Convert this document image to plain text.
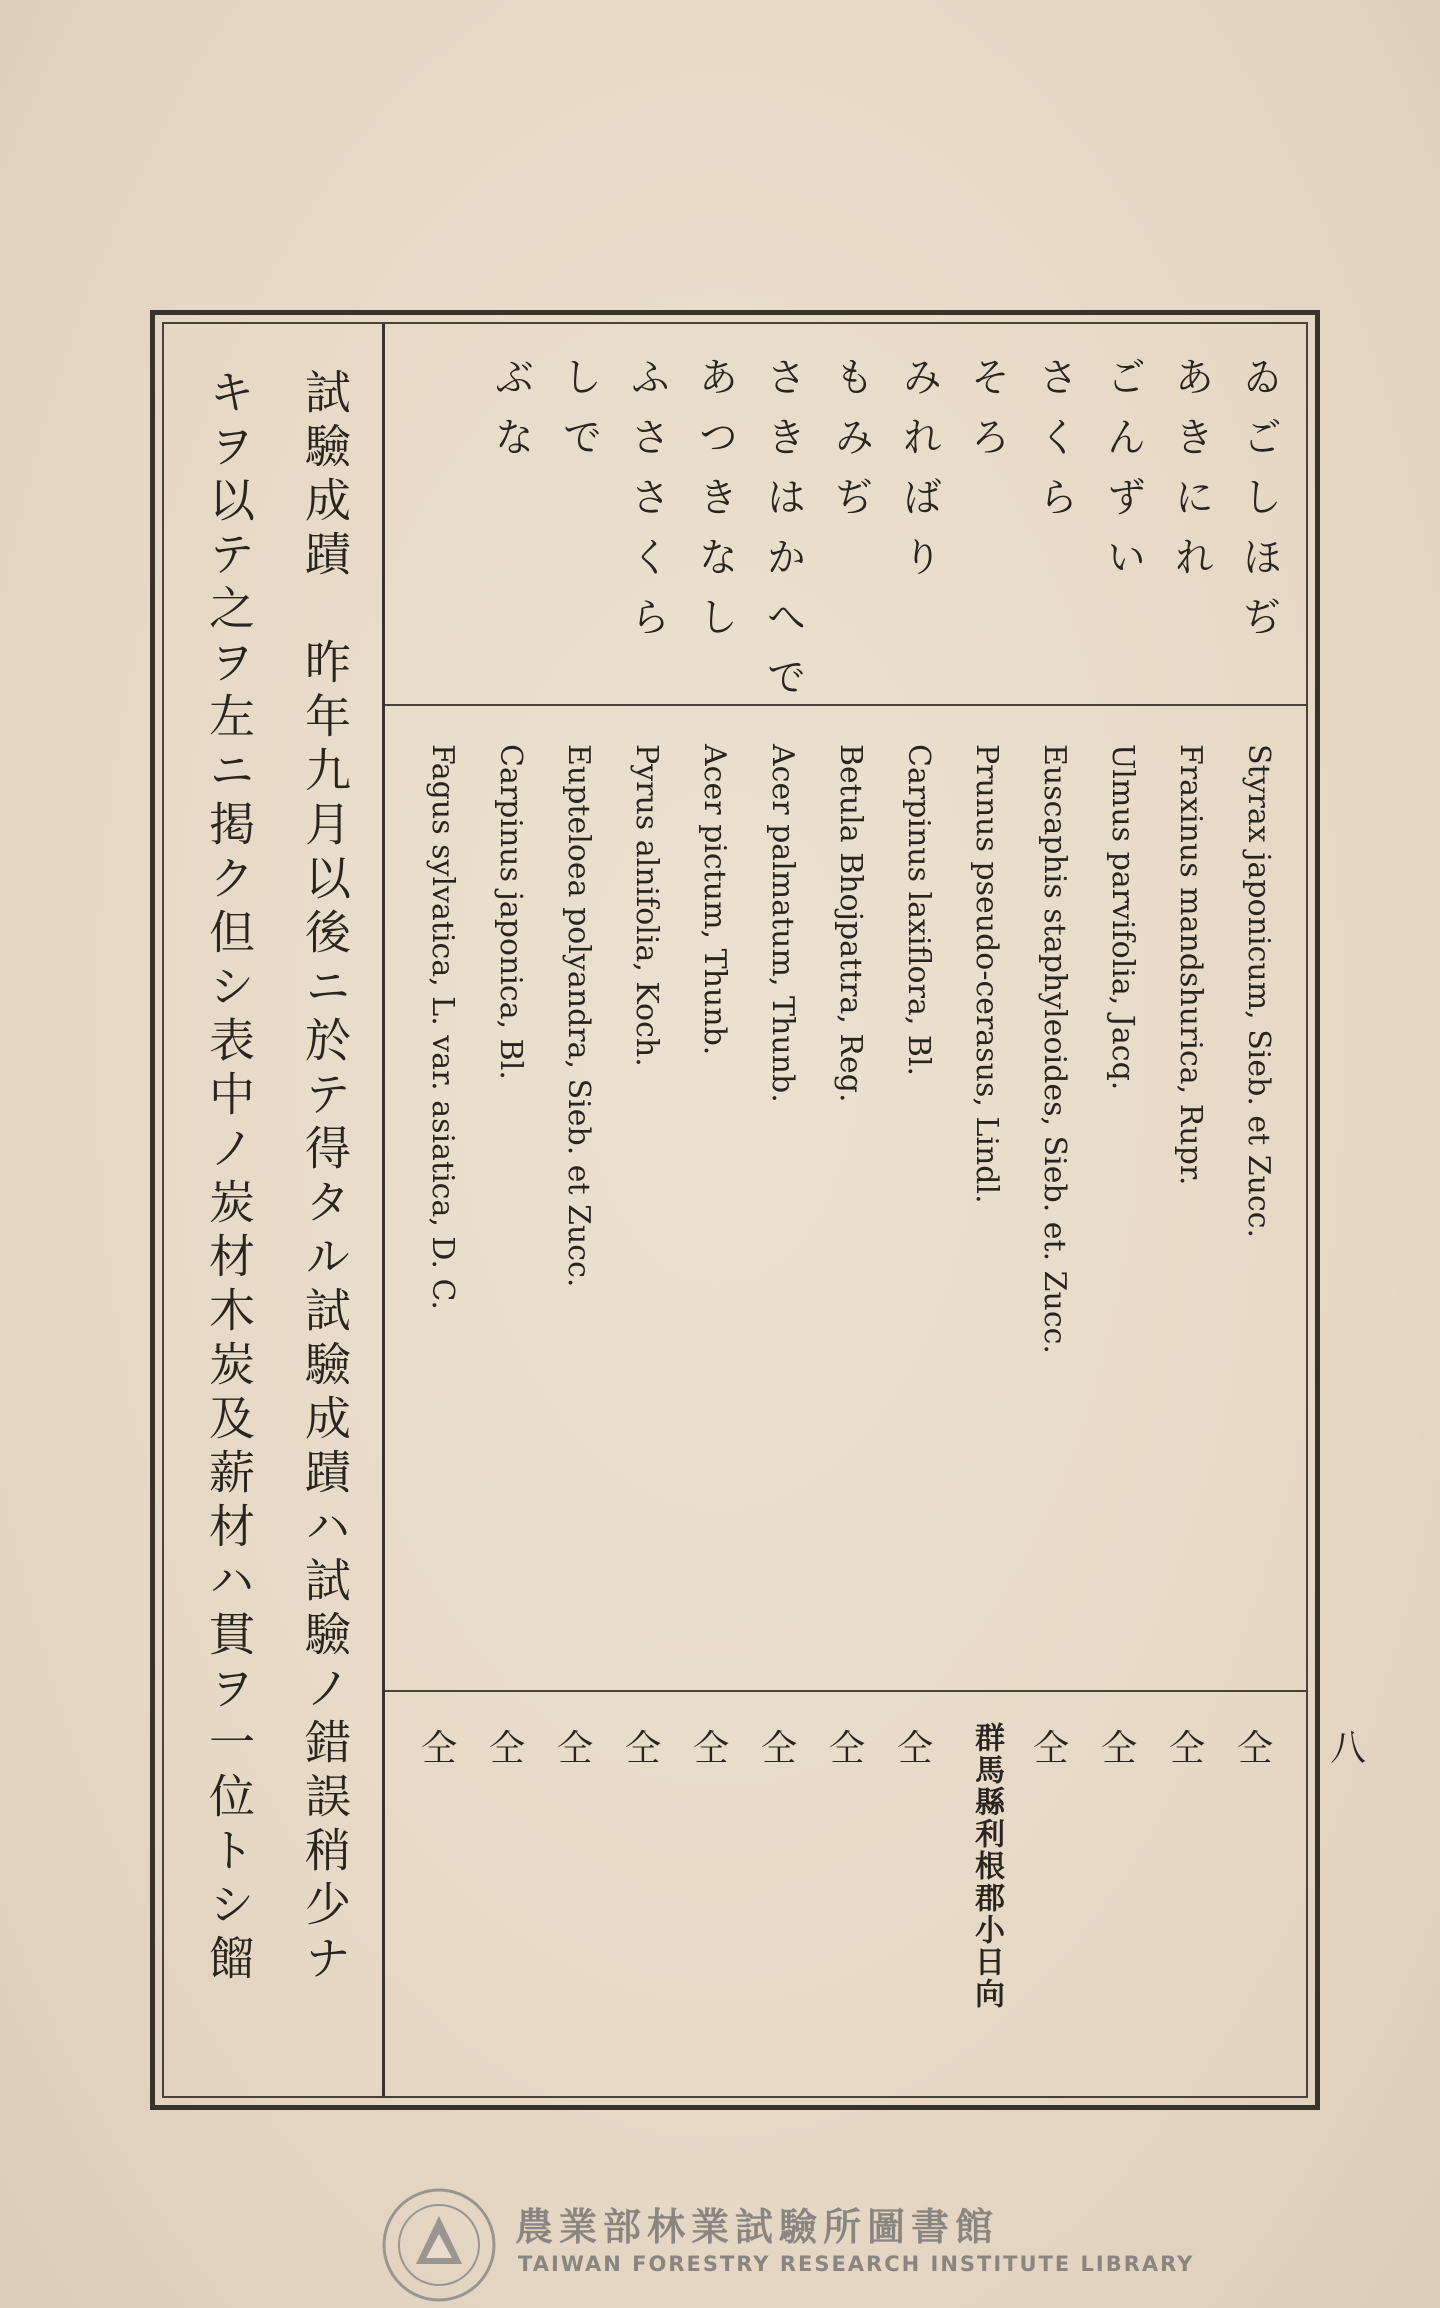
八
ゐごしほぢ
あきにれ
ごんずい
さくら
そろ
みればり
もみぢ
さきはかへで
あつきなし
ふささくら
しで
ぶな
Styrax japonicum, Sieb. et Zucc.
Fraxinus mandshurica, Rupr.
Ulmus parvifolia, Jacq.
Euscaphis staphyleoides, Sieb. et. Zucc.
Prunus pseudo-cerasus, Lindl.
Carpinus laxiflora, Bl.
Betula Bhojpattra, Reg.
Acer palmatum, Thunb.
Acer pictum, Thunb.
Pyrus alnifolia, Koch.
Eupteloea polyandra, Sieb. et Zucc.
Carpinus japonica, Bl.
Fagus sylvatica, L. var. asiatica, D. C.
仝
仝
仝
仝
群馬縣利根郡小日向
仝
仝
仝
仝
仝
仝
仝
仝
試驗成蹟　昨年九月以後ニ於テ得タル試驗成蹟ハ試驗ノ錯誤稍少ナ
キヲ以テ之ヲ左ニ掲ク但シ表中ノ炭材木炭及薪材ハ貫ヲ一位トシ餾
農業部林業試驗所圖書館
TAIWAN FORESTRY RESEARCH INSTITUTE LIBRARY
